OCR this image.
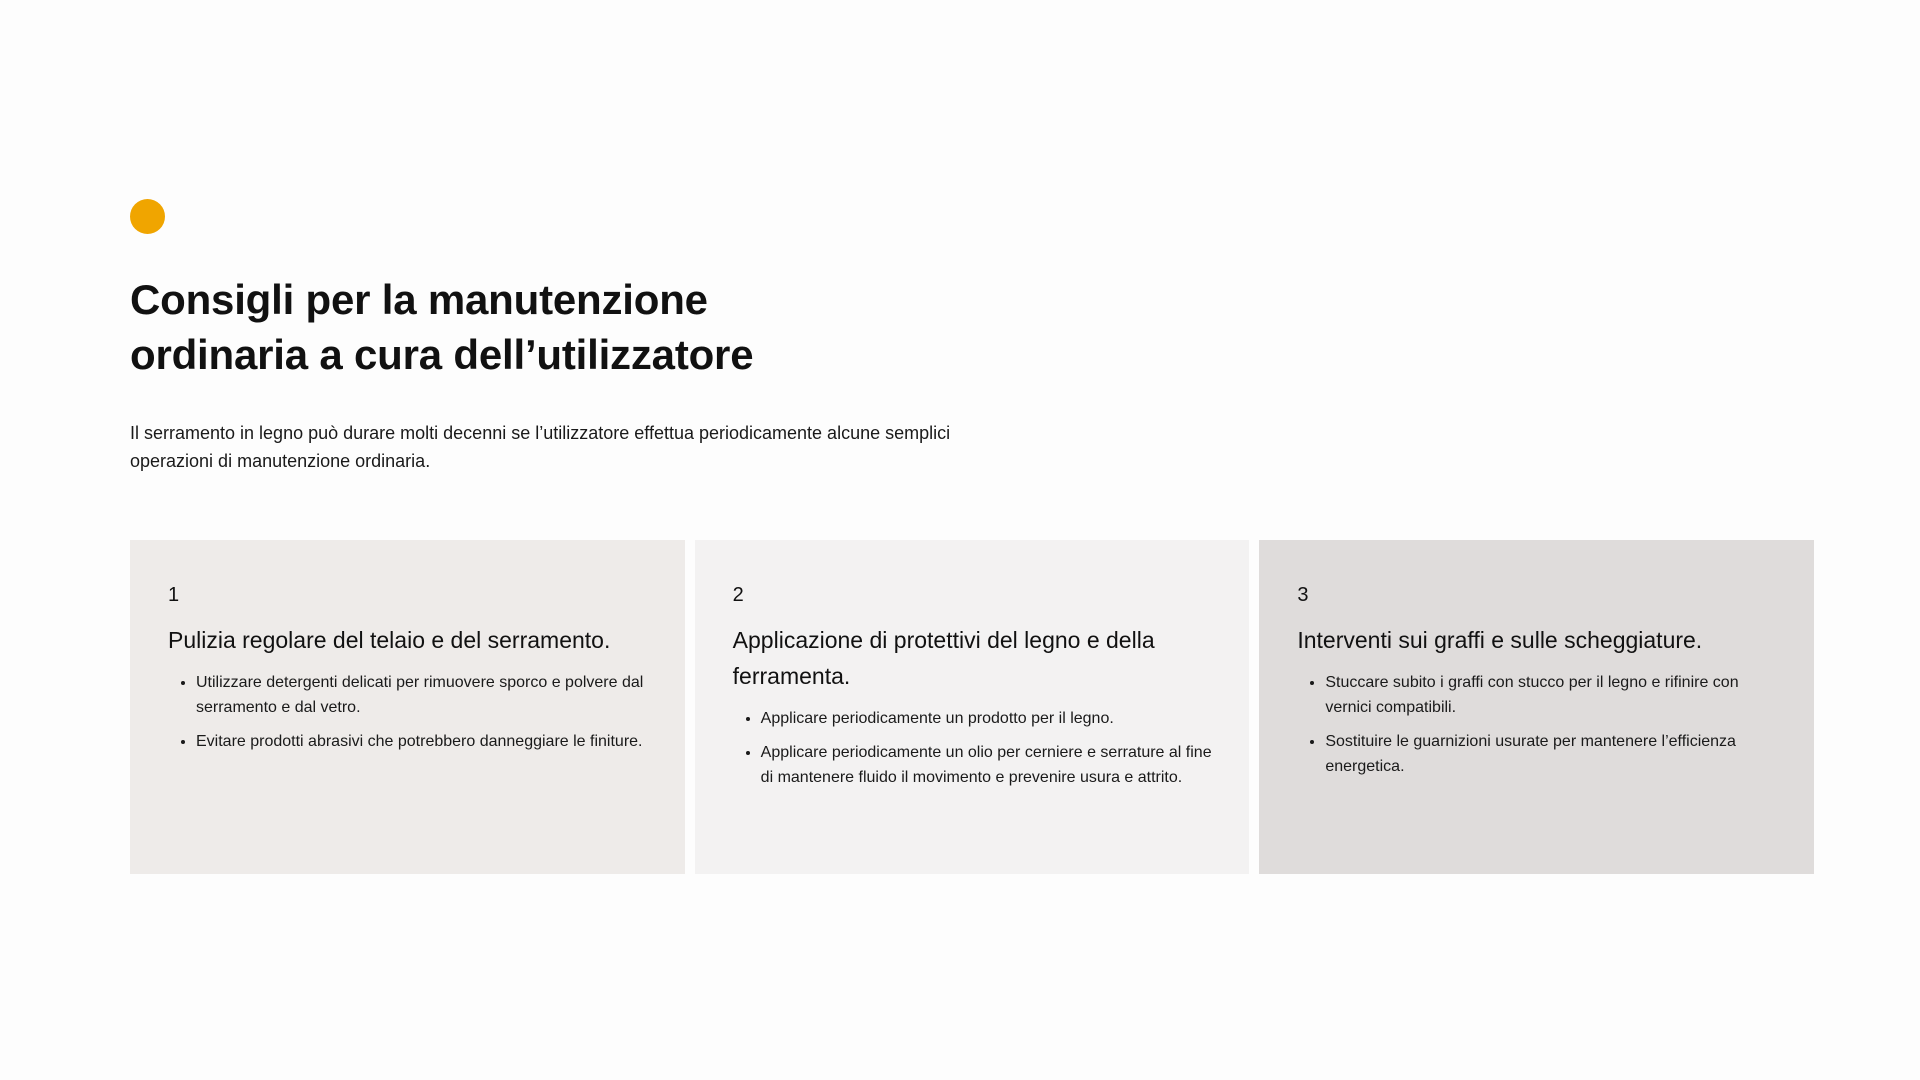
Consigli per la manutenzione
ordinaria a cura dell’utilizzatore

Il serramento in legno può durare molti decenni se l’utilizzatore effettua periodicamente alcune semplici
operazioni di manutenzione ordinaria.

1
Pulizia regolare del telaio e del serramento.
• Utilizzare detergenti delicati per rimuovere sporco e polvere dal serramento e dal vetro.
• Evitare prodotti abrasivi che potrebbero danneggiare le finiture.
2
Applicazione di protettivi del legno e della ferramenta.
• Applicare periodicamente un prodotto per il legno.
• Applicare periodicamente un olio per cerniere e serrature al fine di mantenere fluido il movimento e prevenire usura e attrito.
3
Interventi sui graffi e sulle scheggiature.
• Stuccare subito i graffi con stucco per il legno e rifinire con vernici compatibili.
• Sostituire le guarnizioni usurate per mantenere l’efficienza energetica.
